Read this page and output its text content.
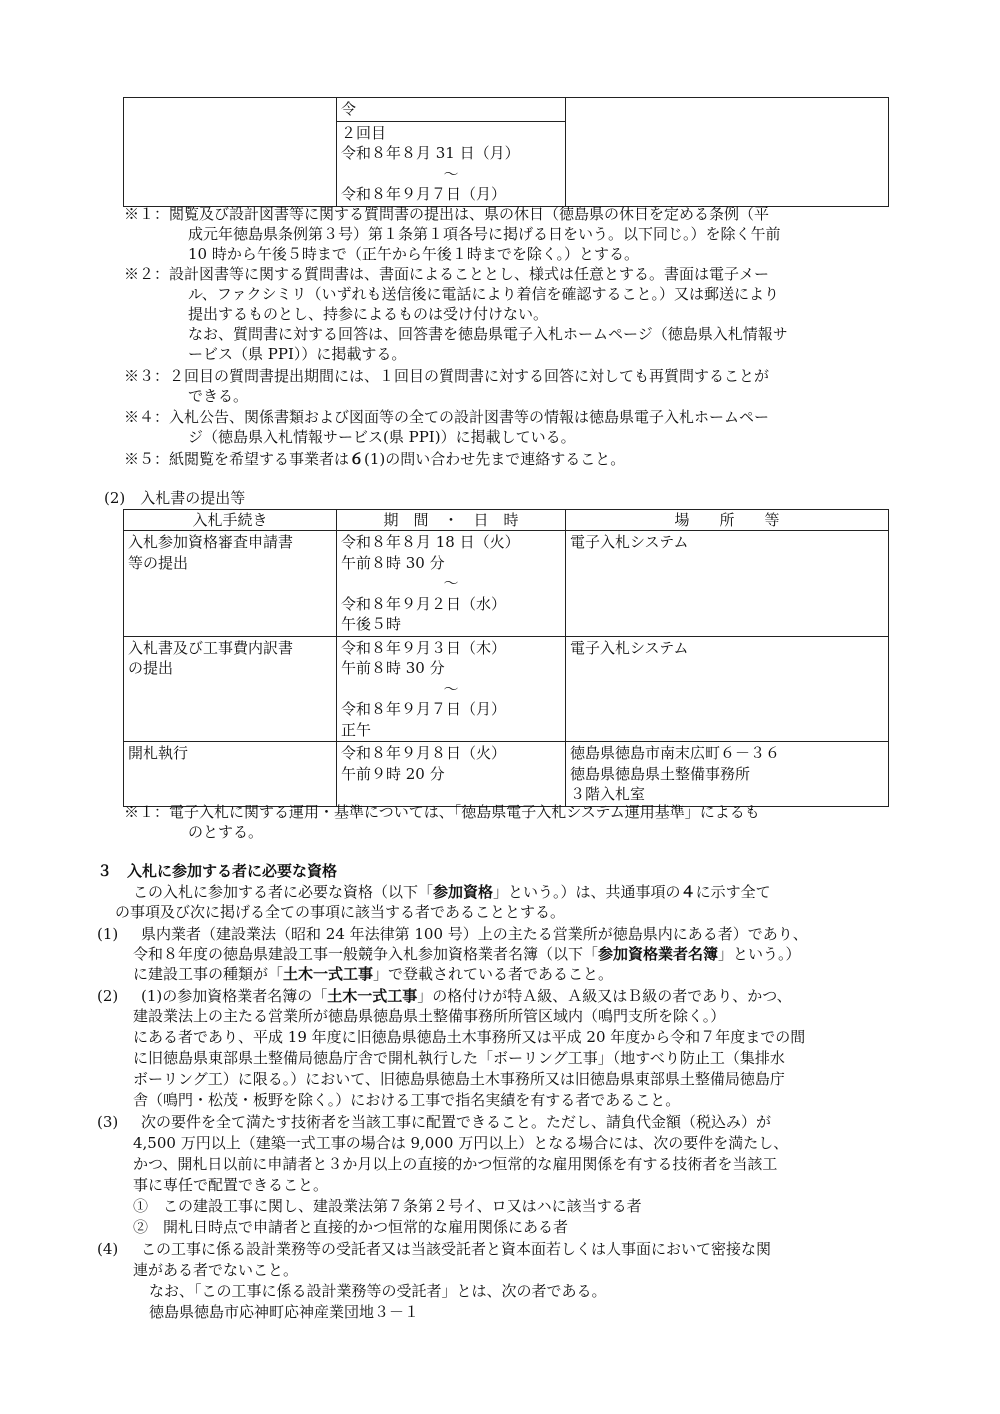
令

２回目
令和８年８月 31 日（月）
〜
令和８年９月７日（月）
※１：閲覧及び設計図書等に関する質問書の提出は、県の休日（徳島県の休日を定める条例（平
成元年徳島県条例第３号）第１条第１項各号に掲げる日をいう。以下同じ。）を除く午前
10 時から午後５時まで（正午から午後１時までを除く。）とする。
※２：設計図書等に関する質問書は、書面によることとし、様式は任意とする。書面は電子メー
ル、ファクシミリ（いずれも送信後に電話により着信を確認すること。）又は郵送により
提出するものとし、持参によるものは受け付けない。
なお、質問書に対する回答は、回答書を徳島県電子入札ホームページ（徳島県入札情報サ
ービス（県 PPI））に掲載する。
※３：２回目の質問書提出期間には、１回目の質問書に対する回答に対しても再質問することが
できる。
※４：入札公告、関係書類および図面等の全ての設計図書等の情報は徳島県電子入札ホームペー
ジ（徳島県入札情報サービス(県 PPI)）に掲載している。
※５：紙閲覧を希望する事業者は６(1)の問い合わせ先まで連絡すること。
(2)　入札書の提出等
入札手続き	期　間　・　日　時	場　　所　　等

入札参加資格審査申請書
等の提出	令和８年８月 18 日（火）
午前８時 30 分
〜
令和８年９月２日（水）
午後５時	電子入札システム

入札書及び工事費内訳書
の提出	令和８年９月３日（木）
午前８時 30 分
〜
令和８年９月７日（月）
正午	電子入札システム

開札執行	令和８年９月８日（火）
午前９時 20 分	徳島県徳島市南末広町６－３６
徳島県徳島県土整備事務所
３階入札室
※１：電子入札に関する運用・基準については、「徳島県電子入札システム運用基準」によるも
のとする。
３　入札に参加する者に必要な資格
この入札に参加する者に必要な資格（以下「参加資格」という。）は、共通事項の４に示す全て
の事項及び次に掲げる全ての事項に該当する者であることとする。
(1) 県内業者（建設業法（昭和 24 年法律第 100 号）上の主たる営業所が徳島県内にある者）であり、
令和８年度の徳島県建設工事一般競争入札参加資格業者名簿（以下「参加資格業者名簿」という。）
に建設工事の種類が「土木一式工事」で登載されている者であること。
(2) (1)の参加資格業者名簿の「土木一式工事」の格付けが特Ａ級、Ａ級又はＢ級の者であり、かつ、
建設業法上の主たる営業所が徳島県徳島県土整備事務所所管区域内（鳴門支所を除く。）
にある者であり、平成 19 年度に旧徳島県徳島土木事務所又は平成 20 年度から令和７年度までの間
に旧徳島県東部県土整備局徳島庁舎で開札執行した「ボーリング工事」（地すべり防止工（集排水
ボーリング工）に限る。）において、旧徳島県徳島土木事務所又は旧徳島県東部県土整備局徳島庁
舎（鳴門・松茂・板野を除く。）における工事で指名実績を有する者であること。
(3) 次の要件を全て満たす技術者を当該工事に配置できること。ただし、請負代金額（税込み）が
4,500 万円以上（建築一式工事の場合は 9,000 万円以上）となる場合には、次の要件を満たし、
かつ、開札日以前に申請者と３か月以上の直接的かつ恒常的な雇用関係を有する技術者を当該工
事に専任で配置できること。
①　この建設工事に関し、建設業法第７条第２号イ、ロ又はハに該当する者
②　開札日時点で申請者と直接的かつ恒常的な雇用関係にある者
(4) この工事に係る設計業務等の受託者又は当該受託者と資本面若しくは人事面において密接な関
連がある者でないこと。
なお、「この工事に係る設計業務等の受託者」とは、次の者である。
徳島県徳島市応神町応神産業団地３－１
